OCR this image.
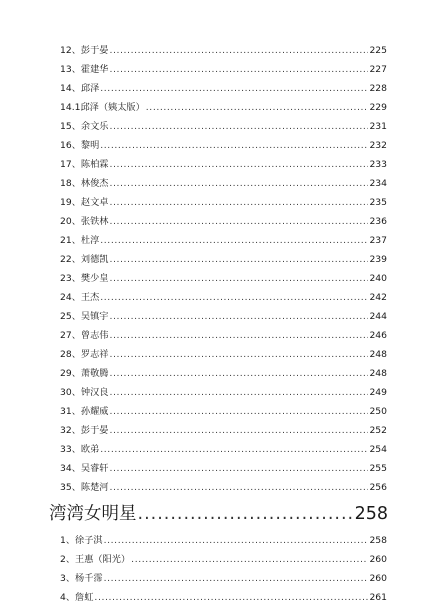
12、彭于晏 .....	225
13、霍建华 .....	227
14、邱泽 .....	228
14.1邱泽（姨太版） .....	229
15、余文乐 .....	231
16、黎明 .....	232
17、陈柏霖 .....	233
18、林俊杰 .....	234
19、赵文卓 .....	235
20、张铁林 .....	236
21、杜淳 .....	237
22、刘德凯 .....	239
23、樊少皇 .....	240
24、王杰 .....	242
25、吴镇宇 .....	244
27、曾志伟 .....	246
28、罗志祥 .....	248
29、萧敬腾 .....	248
30、钟汉良 .....	249
31、孙耀威 .....	250
32、彭于晏 .....	252
33、欧弟 .....	254
34、吴睿轩 .....	255
35、陈楚河 .....	256
湾湾女明星 .....	258
1、徐子淇 .....	258
2、王惠（阳光） .....	260
3、杨千霈 .....	260
4、詹虹 .....	261
